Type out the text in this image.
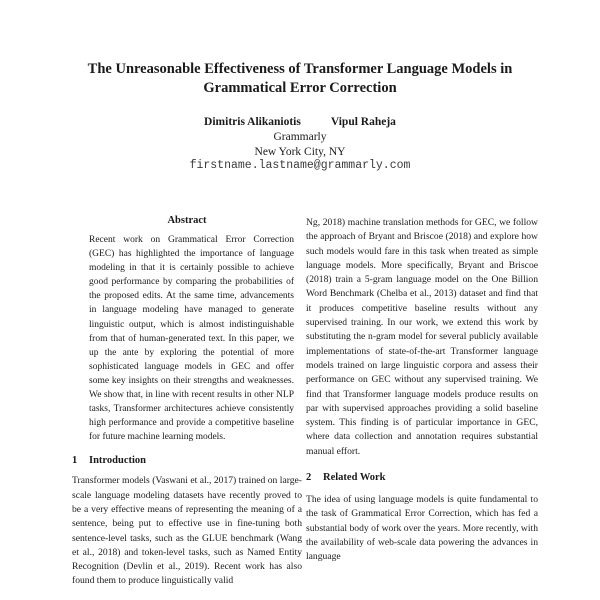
The Unreasonable Effectiveness of Transformer Language Models in Grammatical Error Correction
Dimitris Alikaniotis	Vipul Raheja
Grammarly
New York City, NY
firstname.lastname@grammarly.com
Abstract

Recent work on Grammatical Error Correction (GEC) has highlighted the importance of language modeling in that it is certainly possible to achieve good performance by comparing the probabilities of the proposed edits. At the same time, advancements in language modeling have managed to generate linguistic output, which is almost indistinguishable from that of human-generated text. In this paper, we up the ante by exploring the potential of more sophisticated language models in GEC and offer some key insights on their strengths and weaknesses. We show that, in line with recent results in other NLP tasks, Transformer architectures achieve consistently high performance and provide a competitive baseline for future machine learning models.

1 Introduction

Transformer models (Vaswani et al., 2017) trained on large-scale language modeling datasets have recently proved to be a very effective means of representing the meaning of a sentence, being put to effective use in fine-tuning both sentence-level tasks, such as the GLUE benchmark (Wang et al., 2018) and token-level tasks, such as Named Entity Recognition (Devlin et al., 2019). Recent work has also found them to produce linguistically valid

Ng, 2018) machine translation methods for GEC, we follow the approach of Bryant and Briscoe (2018) and explore how such models would fare in this task when treated as simple language models. More specifically, Bryant and Briscoe (2018) train a 5-gram language model on the One Billion Word Benchmark (Chelba et al., 2013) dataset and find that it produces competitive baseline results without any supervised training. In our work, we extend this work by substituting the n-gram model for several publicly available implementations of state-of-the-art Transformer language models trained on large linguistic corpora and assess their performance on GEC without any supervised training. We find that Transformer language models produce results on par with supervised approaches providing a solid baseline system. This finding is of particular importance in GEC, where data collection and annotation requires substantial manual effort.

2 Related Work

The idea of using language models is quite fundamental to the task of Grammatical Error Correction, which has fed a substantial body of work over the years. More recently, with the availability of web-scale data powering the advances in language
